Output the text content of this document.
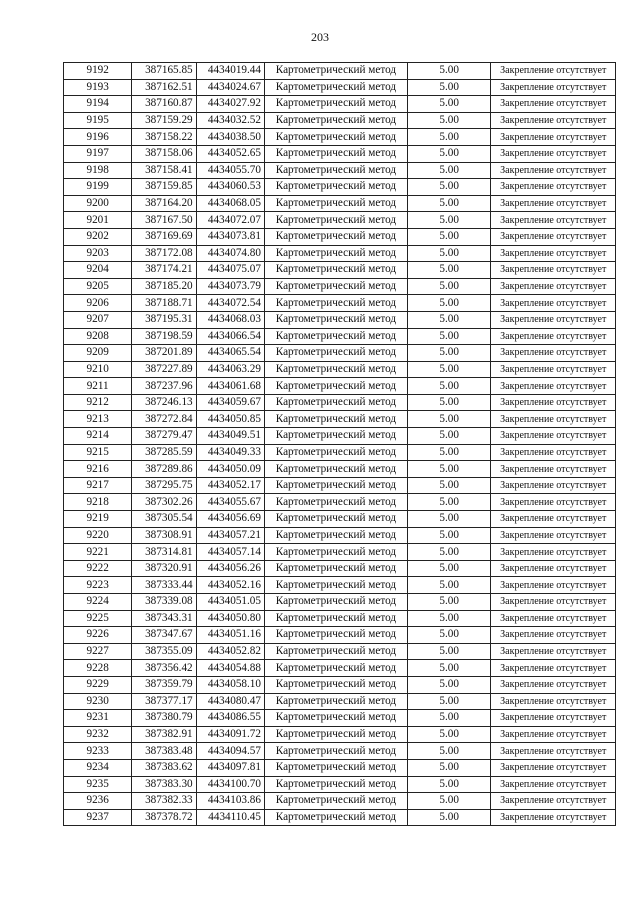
203
9192	387165.85	4434019.44	Картометрический метод	5.00	Закрепление отсутствует
9193	387162.51	4434024.67	Картометрический метод	5.00	Закрепление отсутствует
9194	387160.87	4434027.92	Картометрический метод	5.00	Закрепление отсутствует
9195	387159.29	4434032.52	Картометрический метод	5.00	Закрепление отсутствует
9196	387158.22	4434038.50	Картометрический метод	5.00	Закрепление отсутствует
9197	387158.06	4434052.65	Картометрический метод	5.00	Закрепление отсутствует
9198	387158.41	4434055.70	Картометрический метод	5.00	Закрепление отсутствует
9199	387159.85	4434060.53	Картометрический метод	5.00	Закрепление отсутствует
9200	387164.20	4434068.05	Картометрический метод	5.00	Закрепление отсутствует
9201	387167.50	4434072.07	Картометрический метод	5.00	Закрепление отсутствует
9202	387169.69	4434073.81	Картометрический метод	5.00	Закрепление отсутствует
9203	387172.08	4434074.80	Картометрический метод	5.00	Закрепление отсутствует
9204	387174.21	4434075.07	Картометрический метод	5.00	Закрепление отсутствует
9205	387185.20	4434073.79	Картометрический метод	5.00	Закрепление отсутствует
9206	387188.71	4434072.54	Картометрический метод	5.00	Закрепление отсутствует
9207	387195.31	4434068.03	Картометрический метод	5.00	Закрепление отсутствует
9208	387198.59	4434066.54	Картометрический метод	5.00	Закрепление отсутствует
9209	387201.89	4434065.54	Картометрический метод	5.00	Закрепление отсутствует
9210	387227.89	4434063.29	Картометрический метод	5.00	Закрепление отсутствует
9211	387237.96	4434061.68	Картометрический метод	5.00	Закрепление отсутствует
9212	387246.13	4434059.67	Картометрический метод	5.00	Закрепление отсутствует
9213	387272.84	4434050.85	Картометрический метод	5.00	Закрепление отсутствует
9214	387279.47	4434049.51	Картометрический метод	5.00	Закрепление отсутствует
9215	387285.59	4434049.33	Картометрический метод	5.00	Закрепление отсутствует
9216	387289.86	4434050.09	Картометрический метод	5.00	Закрепление отсутствует
9217	387295.75	4434052.17	Картометрический метод	5.00	Закрепление отсутствует
9218	387302.26	4434055.67	Картометрический метод	5.00	Закрепление отсутствует
9219	387305.54	4434056.69	Картометрический метод	5.00	Закрепление отсутствует
9220	387308.91	4434057.21	Картометрический метод	5.00	Закрепление отсутствует
9221	387314.81	4434057.14	Картометрический метод	5.00	Закрепление отсутствует
9222	387320.91	4434056.26	Картометрический метод	5.00	Закрепление отсутствует
9223	387333.44	4434052.16	Картометрический метод	5.00	Закрепление отсутствует
9224	387339.08	4434051.05	Картометрический метод	5.00	Закрепление отсутствует
9225	387343.31	4434050.80	Картометрический метод	5.00	Закрепление отсутствует
9226	387347.67	4434051.16	Картометрический метод	5.00	Закрепление отсутствует
9227	387355.09	4434052.82	Картометрический метод	5.00	Закрепление отсутствует
9228	387356.42	4434054.88	Картометрический метод	5.00	Закрепление отсутствует
9229	387359.79	4434058.10	Картометрический метод	5.00	Закрепление отсутствует
9230	387377.17	4434080.47	Картометрический метод	5.00	Закрепление отсутствует
9231	387380.79	4434086.55	Картометрический метод	5.00	Закрепление отсутствует
9232	387382.91	4434091.72	Картометрический метод	5.00	Закрепление отсутствует
9233	387383.48	4434094.57	Картометрический метод	5.00	Закрепление отсутствует
9234	387383.62	4434097.81	Картометрический метод	5.00	Закрепление отсутствует
9235	387383.30	4434100.70	Картометрический метод	5.00	Закрепление отсутствует
9236	387382.33	4434103.86	Картометрический метод	5.00	Закрепление отсутствует
9237	387378.72	4434110.45	Картометрический метод	5.00	Закрепление отсутствует
